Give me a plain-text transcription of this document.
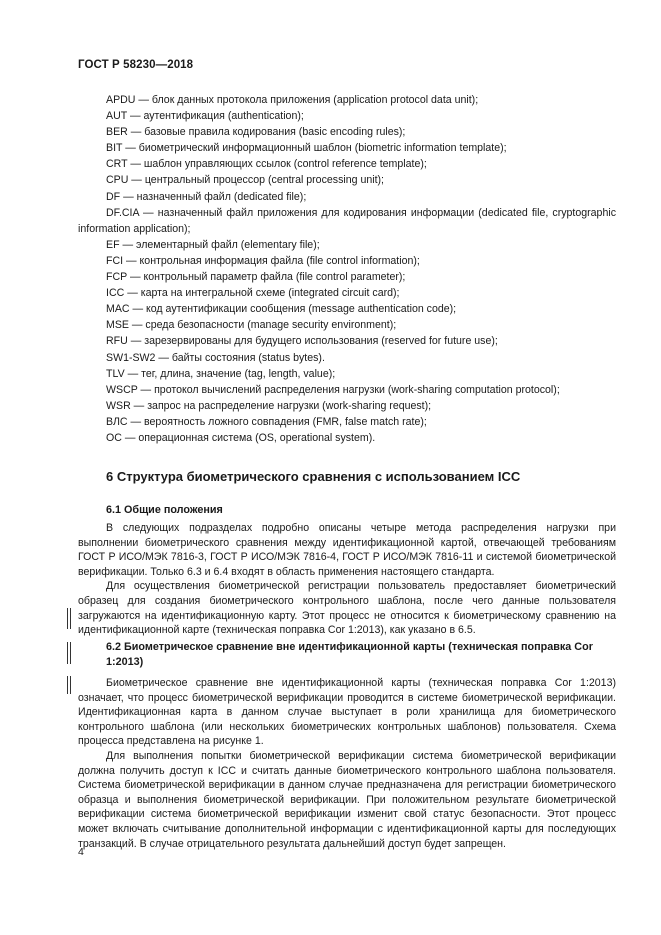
ГОСТ Р 58230—2018
APDU — блок данных протокола приложения (application protocol data unit);
AUT — аутентификация (authentication);
BER — базовые правила кодирования (basic encoding rules);
BIT — биометрический информационный шаблон (biometric information template);
CRT — шаблон управляющих ссылок (control reference template);
CPU — центральный процессор (central processing unit);
DF — назначенный файл (dedicated file);
DF.CIA — назначенный файл приложения для кодирования информации (dedicated file, cryptographic information application);
EF — элементарный файл (elementary file);
FCI — контрольная информация файла (file control information);
FCP — контрольный параметр файла (file control parameter);
ICC — карта на интегральной схеме (integrated circuit card);
MAC — код аутентификации сообщения (message authentication code);
MSE — среда безопасности (manage security environment);
RFU — зарезервированы для будущего использования (reserved for future use);
SW1-SW2 — байты состояния (status bytes).
TLV — тег, длина, значение (tag, length, value);
WSCP — протокол вычислений распределения нагрузки (work-sharing computation protocol);
WSR — запрос на распределение нагрузки (work-sharing request);
ВЛС — вероятность ложного совпадения (FMR, false match rate);
ОС — операционная система (OS, operational system).
6 Структура биометрического сравнения с использованием ICC
6.1 Общие положения

В следующих подразделах подробно описаны четыре метода распределения нагрузки при выполнении биометрического сравнения между идентификационной картой, отвечающей требованиям ГОСТ Р ИСО/МЭК 7816-3, ГОСТ Р ИСО/МЭК 7816-4, ГОСТ Р ИСО/МЭК 7816-11 и системой биометрической верификации. Только 6.3 и 6.4 входят в область применения настоящего стандарта.

Для осуществления биометрической регистрации пользователь предоставляет биометрический образец для создания биометрического контрольного шаблона, после чего данные пользователя загружаются на идентификационную карту. Этот процесс не относится к биометрическому сравнению на идентификационной карте (техническая поправка Cor 1:2013), как указано в 6.5.

6.2 Биометрическое сравнение вне идентификационной карты (техническая поправка Cor 1:2013)

Биометрическое сравнение вне идентификационной карты (техническая поправка Cor 1:2013) означает, что процесс биометрической верификации проводится в системе биометрической верификации. Идентификационная карта в данном случае выступает в роли хранилища для биометрического контрольного шаблона (или нескольких биометрических контрольных шаблонов) пользователя. Схема процесса представлена на рисунке 1.

Для выполнения попытки биометрической верификации система биометрической верификации должна получить доступ к ICC и считать данные биометрического контрольного шаблона пользователя. Система биометрической верификации в данном случае предназначена для регистрации биометрического образца и выполнения биометрической верификации. При положительном результате биометрической верификации система биометрической верификации изменит свой статус безопасности. Этот процесс может включать считывание дополнительной информации с идентификационной карты для последующих транзакций. В случае отрицательного результата дальнейший доступ будет запрещен.

4
